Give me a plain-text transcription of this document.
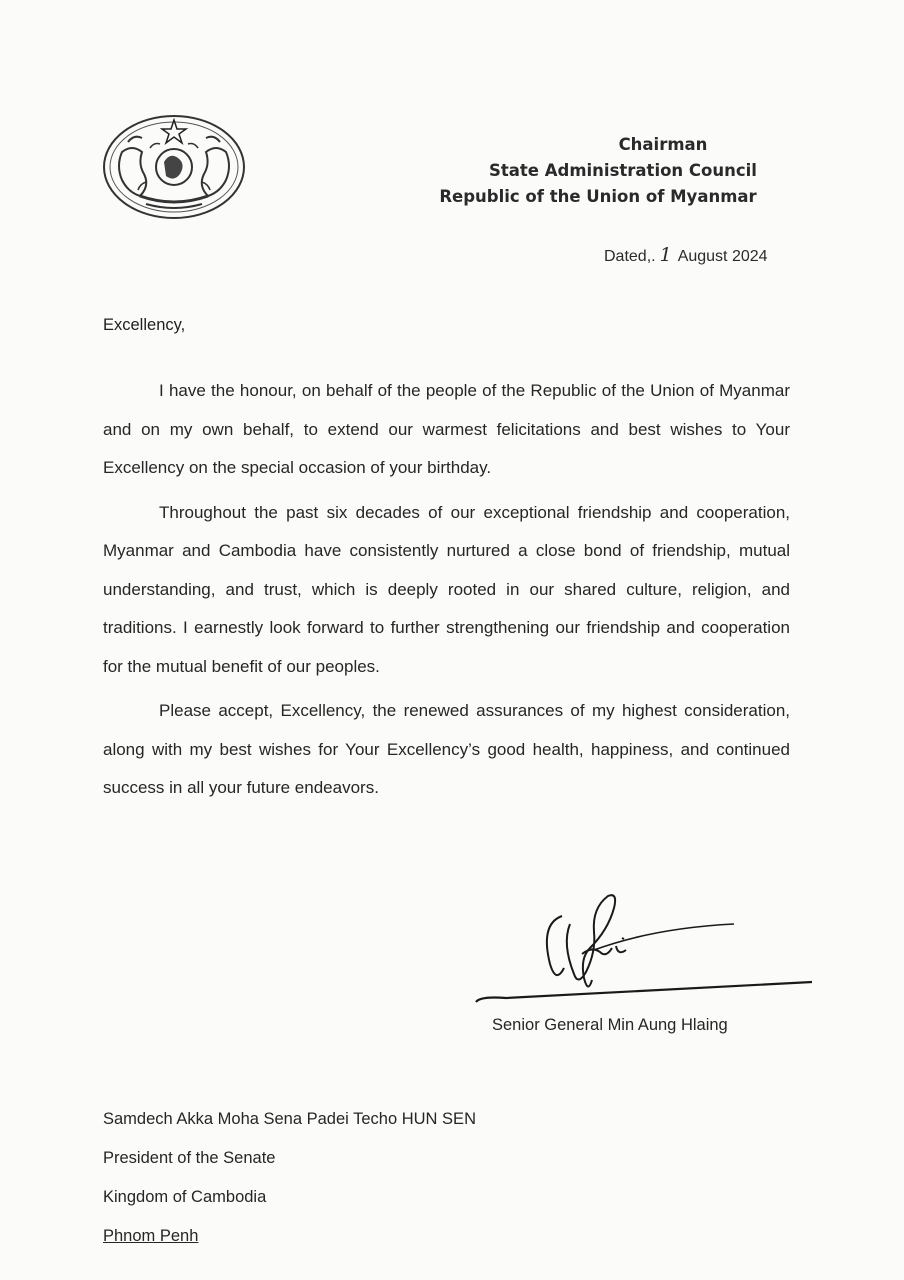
Chairman
State Administration Council
Republic of the Union of Myanmar
Dated,. 1 August 2024
Excellency,

I have the honour, on behalf of the people of the Republic of the Union of Myanmar and on my own behalf, to extend our warmest felicitations and best wishes to Your Excellency on the special occasion of your birthday.

Throughout the past six decades of our exceptional friendship and cooperation, Myanmar and Cambodia have consistently nurtured a close bond of friendship, mutual understanding, and trust, which is deeply rooted in our shared culture, religion, and traditions. I earnestly look forward to further strengthening our friendship and cooperation for the mutual benefit of our peoples.

Please accept, Excellency, the renewed assurances of my highest consideration, along with my best wishes for Your Excellency’s good health, happiness, and continued success in all your future endeavors.

Senior General Min Aung Hlaing
Samdech Akka Moha Sena Padei Techo HUN SEN
President of the Senate
Kingdom of Cambodia
Phnom Penh
